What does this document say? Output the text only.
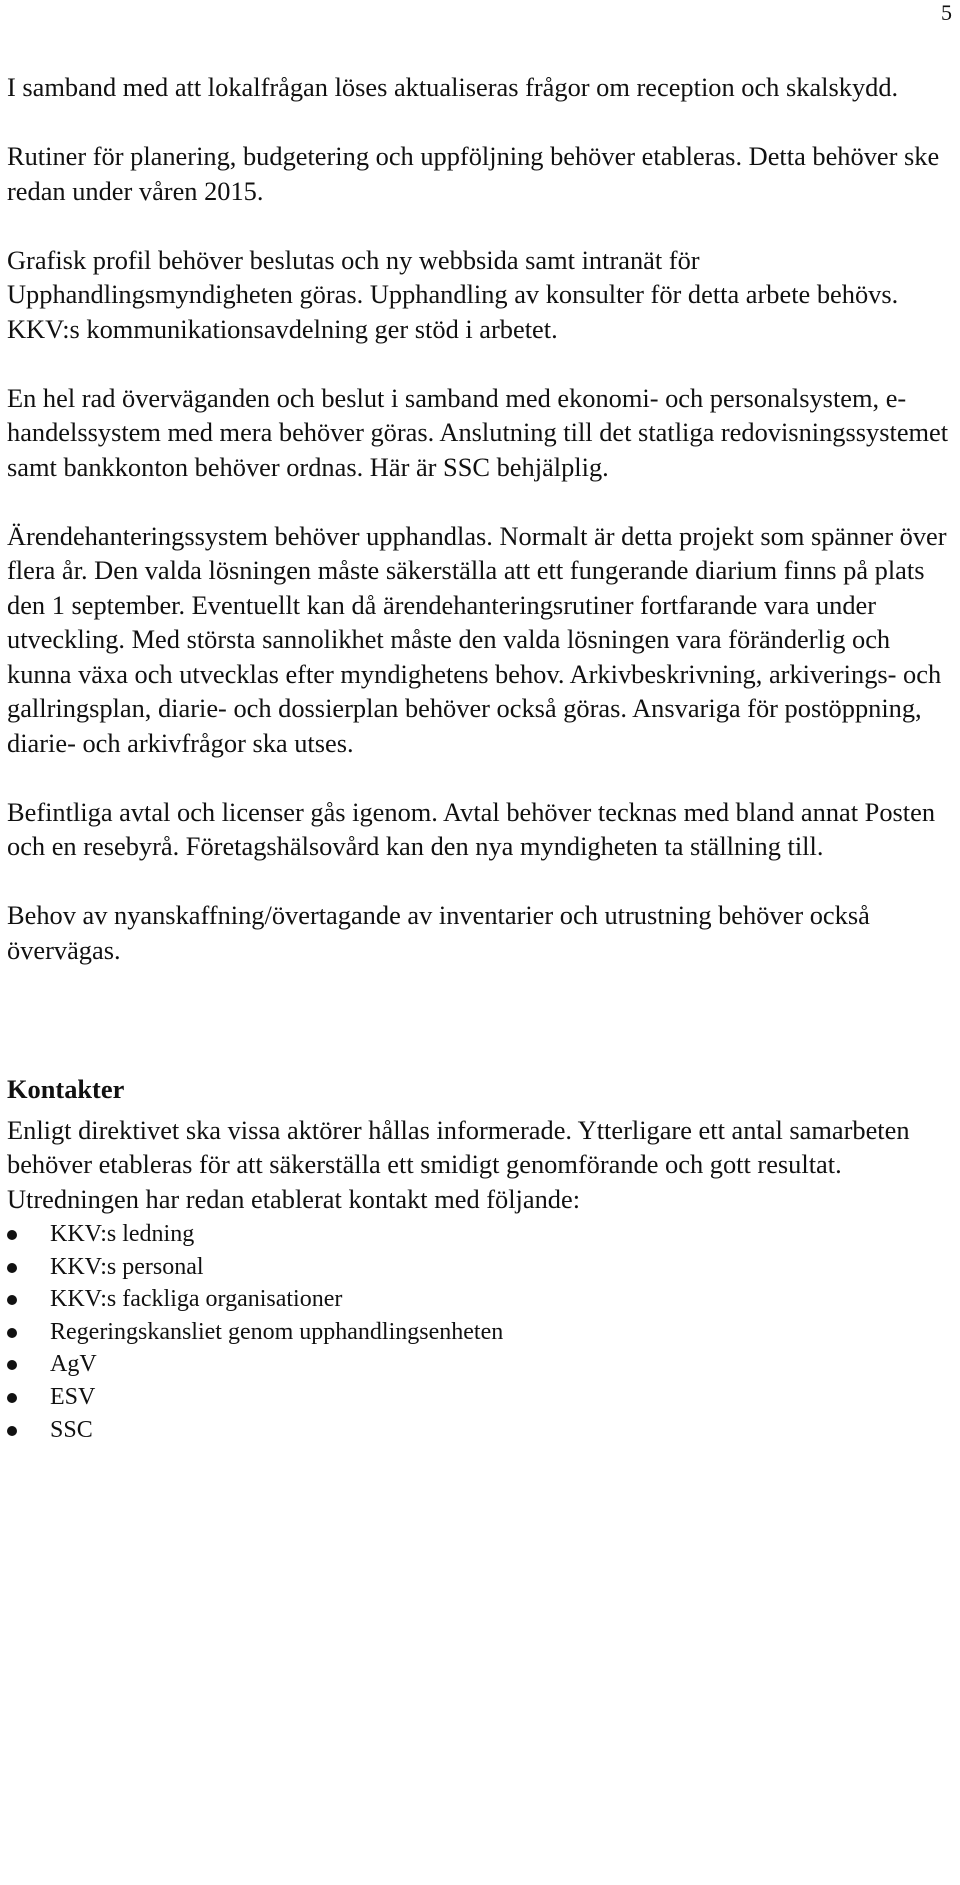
5

I samband med att lokalfrågan löses aktualiseras frågor om reception och skalskydd.

Rutiner för planering, budgetering och uppföljning behöver etableras. Detta behöver ske redan under våren 2015.

Grafisk profil behöver beslutas och ny webbsida samt intranät för Upphandlingsmyndigheten göras. Upphandling av konsulter för detta arbete behövs. KKV:s kommunikationsavdelning ger stöd i arbetet.

En hel rad överväganden och beslut i samband med ekonomi- och personalsystem, e-handelssystem med mera behöver göras. Anslutning till det statliga redovisningssystemet samt bankkonton behöver ordnas. Här är SSC behjälplig.

Ärendehanteringssystem behöver upphandlas. Normalt är detta projekt som spänner över flera år. Den valda lösningen måste säkerställa att ett fungerande diarium finns på plats den 1 september. Eventuellt kan då ärendehanteringsrutiner fortfarande vara under utveckling. Med största sannolikhet måste den valda lösningen vara föränderlig och kunna växa och utvecklas efter myndighetens behov. Arkivbeskrivning, arkiverings- och gallringsplan, diarie- och dossierplan behöver också göras. Ansvariga för postöppning, diarie- och arkivfrågor ska utses.

Befintliga avtal och licenser gås igenom. Avtal behöver tecknas med bland annat Posten och en resebyrå. Företagshälsovård kan den nya myndigheten ta ställning till.

Behov av nyanskaffning/övertagande av inventarier och utrustning behöver också övervägas.

Kontakter

Enligt direktivet ska vissa aktörer hållas informerade. Ytterligare ett antal samarbeten behöver etableras för att säkerställa ett smidigt genomförande och gott resultat. Utredningen har redan etablerat kontakt med följande:

KKV:s ledning
KKV:s personal
KKV:s fackliga organisationer
Regeringskansliet genom upphandlingsenheten
AgV
ESV
SSC
